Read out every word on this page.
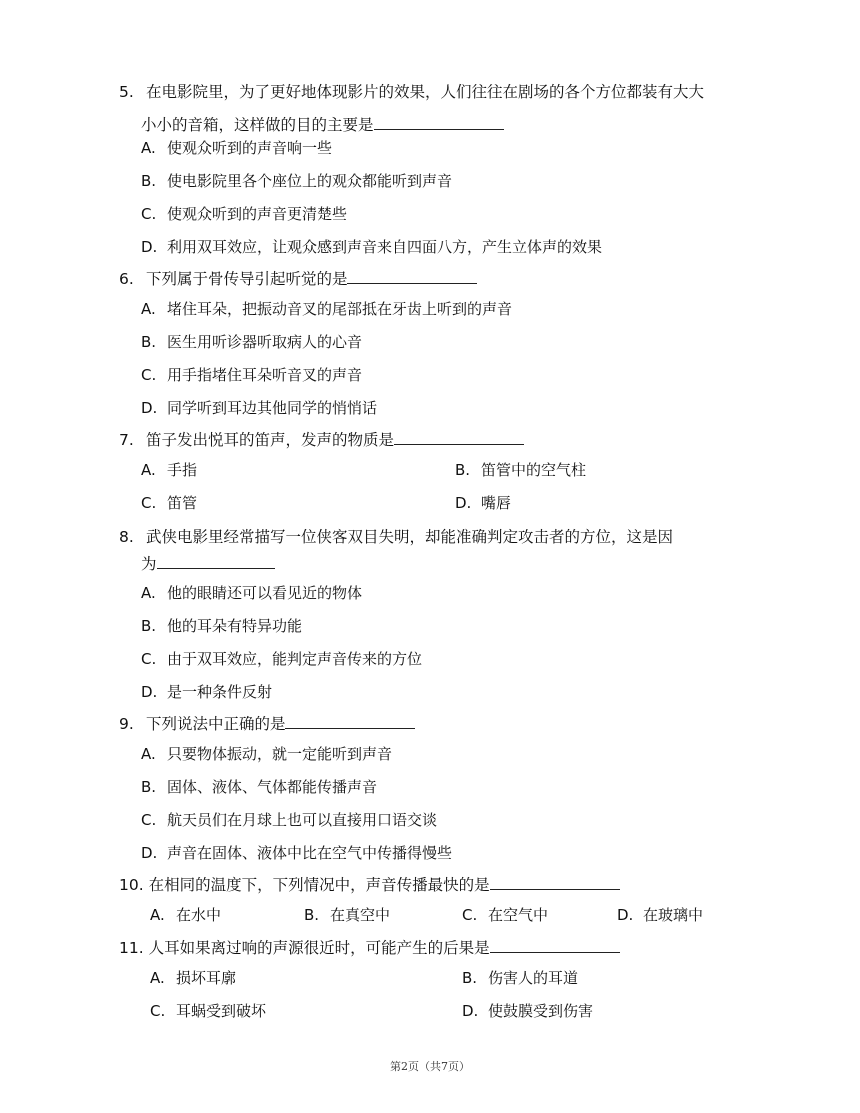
5. 在电影院里，为了更好地体现影片的效果，人们往往在剧场的各个方位都装有大大
小小的音箱，这样做的目的主要是
A. 使观众听到的声音响一些
B. 使电影院里各个座位上的观众都能听到声音
C. 使观众听到的声音更清楚些
D. 利用双耳效应，让观众感到声音来自四面八方，产生立体声的效果
6. 下列属于骨传导引起听觉的是
A. 堵住耳朵，把振动音叉的尾部抵在牙齿上听到的声音
B. 医生用听诊器听取病人的心音
C. 用手指堵住耳朵听音叉的声音
D. 同学听到耳边其他同学的悄悄话
7. 笛子发出悦耳的笛声，发声的物质是
A. 手指	B. 笛管中的空气柱
C. 笛管	D. 嘴唇
8. 武侠电影里经常描写一位侠客双目失明，却能准确判定攻击者的方位，这是因
为
A. 他的眼睛还可以看见近的物体
B. 他的耳朵有特异功能
C. 由于双耳效应，能判定声音传来的方位
D. 是一种条件反射
9. 下列说法中正确的是
A. 只要物体振动，就一定能听到声音
B. 固体、液体、气体都能传播声音
C. 航天员们在月球上也可以直接用口语交谈
D. 声音在固体、液体中比在空气中传播得慢些
10. 在相同的温度下，下列情况中，声音传播最快的是
A. 在水中	B. 在真空中	C. 在空气中	D. 在玻璃中
11. 人耳如果离过响的声源很近时，可能产生的后果是
A. 损坏耳廓	B. 伤害人的耳道
C. 耳蜗受到破坏	D. 使鼓膜受到伤害
第2页（共7页）
